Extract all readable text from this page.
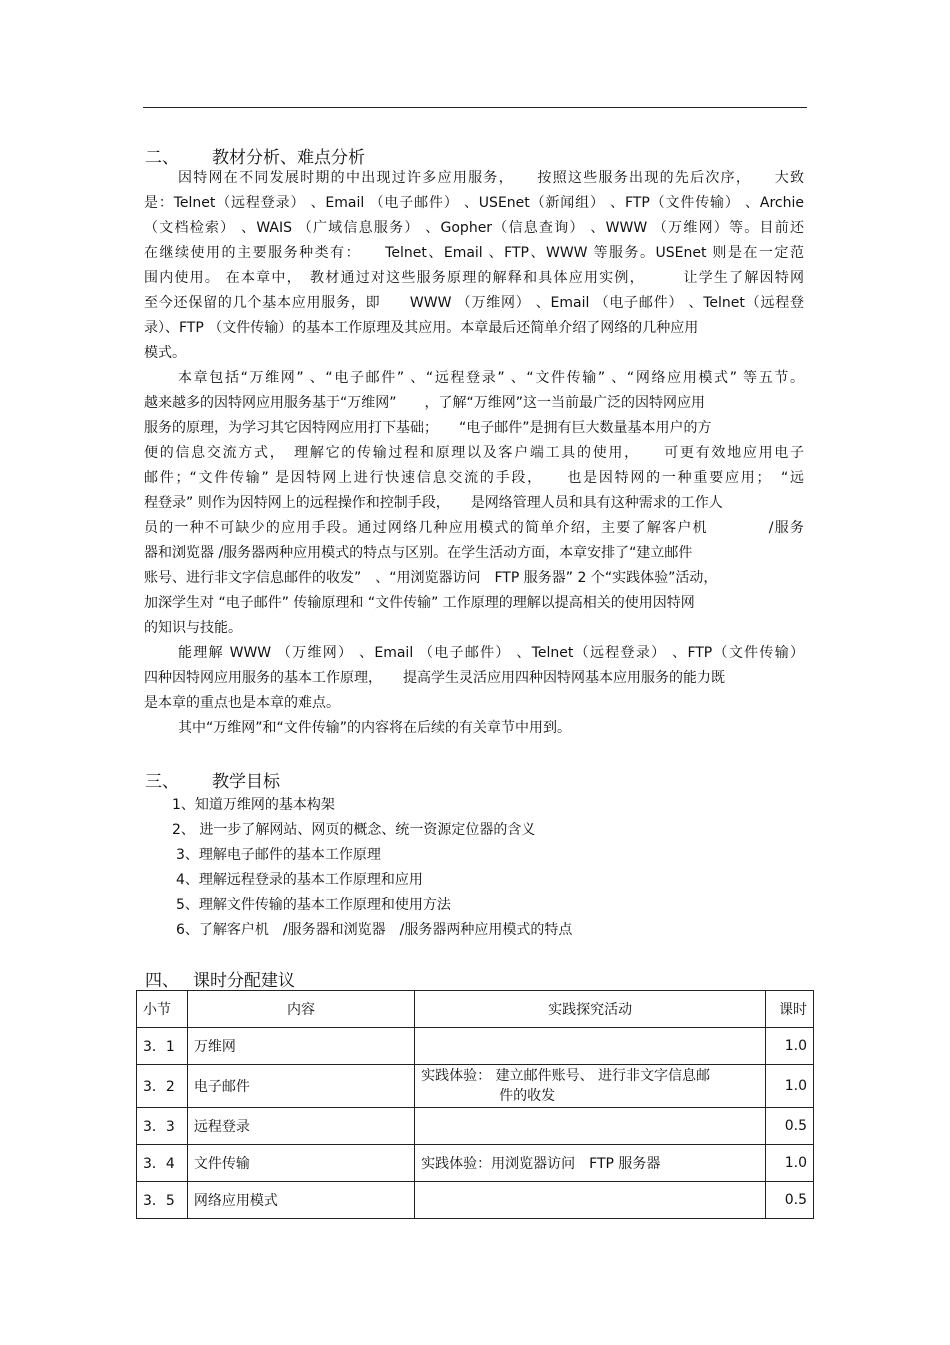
二、 教材分析、难点分析
因特网在不同发展时期的中出现过许多应用服务，　　按照这些服务出现的先后次序，　　大致
是：Telnet（远程登录） 、Email （电子邮件） 、USEnet（新闻组） 、FTP（文件传输） 、Archie
（文档检索） 、WAIS （广域信息服务） 、Gopher（信息查询） 、WWW （万维网）等。目前还
在继续使用的主要服务种类有：　　Telnet、Email 、FTP、WWW 等服务。USEnet 则是在一定范
围内使用。 在本章中，　教材通过对这些服务原理的解释和具体应用实例，　　　让学生了解因特网
至今还保留的几个基本应用服务，即　　WWW （万维网） 、Email （电子邮件） 、Telnet（远程登
录）、FTP （文件传输）的基本工作原理及其应用。本章最后还简单介绍了网络的几种应用
模式。
本章包括“万维网” 、“电子邮件” 、“远程登录” 、“文件传输” 、“网络应用模式” 等五节。
越来越多的因特网应用服务基于“万维网”　　，了解“万维网”这一当前最广泛的因特网应用
服务的原理，为学习其它因特网应用打下基础；　　“电子邮件”是拥有巨大数量基本用户的方
便的信息交流方式，　理解它的传输过程和原理以及客户端工具的使用，　　可更有效地应用电子
邮件；“文件传输” 是因特网上进行快速信息交流的手段，　　也是因特网的一种重要应用；　“远
程登录” 则作为因特网上的远程操作和控制手段，　　是网络管理人员和具有这种需求的工作人
员的一种不可缺少的应用手段。通过网络几种应用模式的简单介绍，主要了解客户机　　　　/服务
器和浏览器 /服务器两种应用模式的特点与区别。在学生活动方面，本章安排了“建立邮件
账号、进行非文字信息邮件的收发”　、“用浏览器访问　FTP 服务器” 2 个“实践体验”活动，
加深学生对 “电子邮件” 传输原理和 “文件传输” 工作原理的理解以提高相关的使用因特网
的知识与技能。
能理解 WWW （万维网） 、Email （电子邮件） 、Telnet（远程登录） 、FTP（文件传输）
四种因特网应用服务的基本工作原理，　　提高学生灵活应用四种因特网基本应用服务的能力既
是本章的重点也是本章的难点。
其中“万维网”和“文件传输”的内容将在后续的有关章节中用到。
三、 教学目标
1、知道万维网的基本构架
2、 进一步了解网站、网页的概念、统一资源定位器的含义
3、理解电子邮件的基本工作原理
4、理解远程登录的基本工作原理和应用
5、理解文件传输的基本工作原理和使用方法
6、了解客户机　/服务器和浏览器　/服务器两种应用模式的特点
四、 课时分配建议
小节	内容	实践探究活动	课时
3．1	万维网		1.0
3．2	电子邮件	实践体验： 建立邮件账号、 进行非文字信息邮
件的收发	1.0
3．3	远程登录		0.5
3．4	文件传输	实践体验：用浏览器访问　FTP 服务器	1.0
3．5	网络应用模式		0.5
